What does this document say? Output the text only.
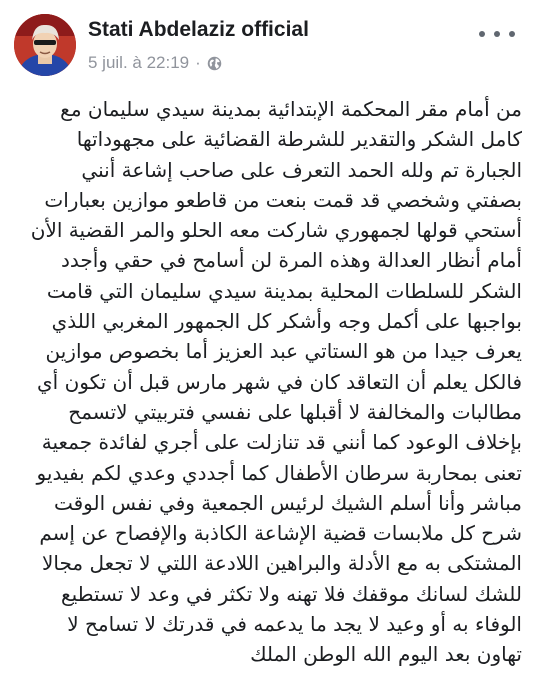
Stati Abdelaziz official
5 juil. à 22:19 ·
من أمام مقر المحكمة الإبتدائية بمدينة سيدي سليمان مع
كامل الشكر والتقدير للشرطة القضائية على مجهوداتها
الجبارة تم ولله الحمد التعرف على صاحب إشاعة أنني
بصفتي وشخصي قد قمت بنعت من قاطعو موازين بعبارات
أستحي قولها لجمهوري شاركت معه الحلو والمر القضية الأن
أمام أنظار العدالة وهذه المرة لن أسامح في حقي وأجدد
الشكر للسلطات المحلية بمدينة سيدي سليمان التي قامت
بواجبها على أكمل وجه وأشكر كل الجمهور المغربي اللذي
يعرف جيدا من هو الستاتي عبد العزيز أما بخصوص موازين
فالكل يعلم أن التعاقد كان في شهر مارس قبل أن تكون أي
مطالبات والمخالفة لا أقبلها على نفسي فتربيتي لاتسمح
بإخلاف الوعود كما أنني قد تنازلت على أجري لفائدة جمعية
تعنى بمحاربة سرطان الأطفال كما أجددي وعدي لكم بفيديو
مباشر وأنا أسلم الشيك لرئيس الجمعية وفي نفس الوقت
شرح كل ملابسات قضية الإشاعة الكاذبة والإفصاح عن إسم
المشتكى به مع الأدلة والبراهين اللادعة اللتي لا تجعل مجالا
للشك لسانك موقفك فلا تهنه ولا تكثر في وعد لا تستطيع
الوفاء به أو وعيد لا يجد ما يدعمه في قدرتك لا تسامح لا
تهاون بعد اليوم الله الوطن الملك
